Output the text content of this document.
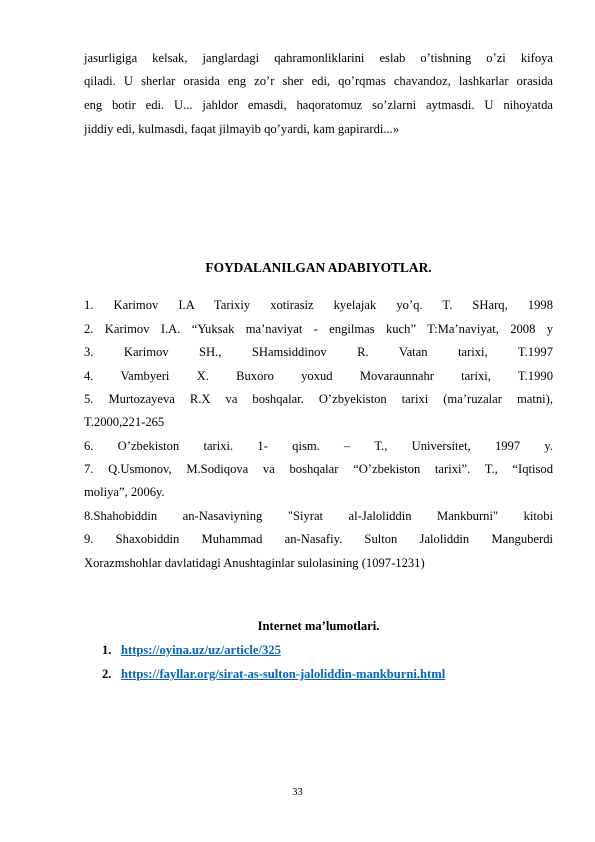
jasurligiga kelsak, janglardagi qahramonliklarini eslab o’tishning o’zi kifoya
qiladi. U sherlar orasida eng zo’r sher edi, qo’rqmas chavandoz, lashkarlar orasida
eng botir edi. U... jahldor emasdi, haqoratomuz so’zlarni aytmasdi. U nihoyatda
jiddiy edi, kulmasdi, faqat jilmayib qo’yardi, kam gapirardi...»
FOYDALANILGAN ADABIYOTLAR.
1. Karimov I.A Tarixiy xotirasiz kyelajak yo’q. T. SHarq, 1998
2. Karimov I.A. “Yuksak ma’naviyat - engilmas kuch” T:Ma’naviyat, 2008 y
3. Karimov SH., SHamsiddinov R. Vatan tarixi, T.1997
4. Vambyeri X. Buxoro yoxud Movaraunnahr tarixi, T.1990
5. Murtozayeva R.X va boshqalar. O’zbyekiston tarixi (ma’ruzalar matni),
T.2000,221-265
6. O’zbekiston tarixi. 1- qism. – T., Universitet, 1997 y.
7. Q.Usmonov, M.Sodiqova va boshqalar “O’zbekiston tarixi”. T., “Iqtisod
moliya”, 2006y.
8.Shahobiddin an-Nasaviyning "Siyrat al-Jaloliddin Mankburni" kitobi
9. Shaxobiddin Muhammad an-Nasafiy. Sulton Jaloliddin Manguberdi
Xorazmshohlar davlatidagi Anushtaginlar sulolasining (1097-1231)
Internet ma’lumotlari.
1. https://oyina.uz/uz/article/325
2. https://fayllar.org/sirat-as-sulton-jaloliddin-mankburni.html
33
